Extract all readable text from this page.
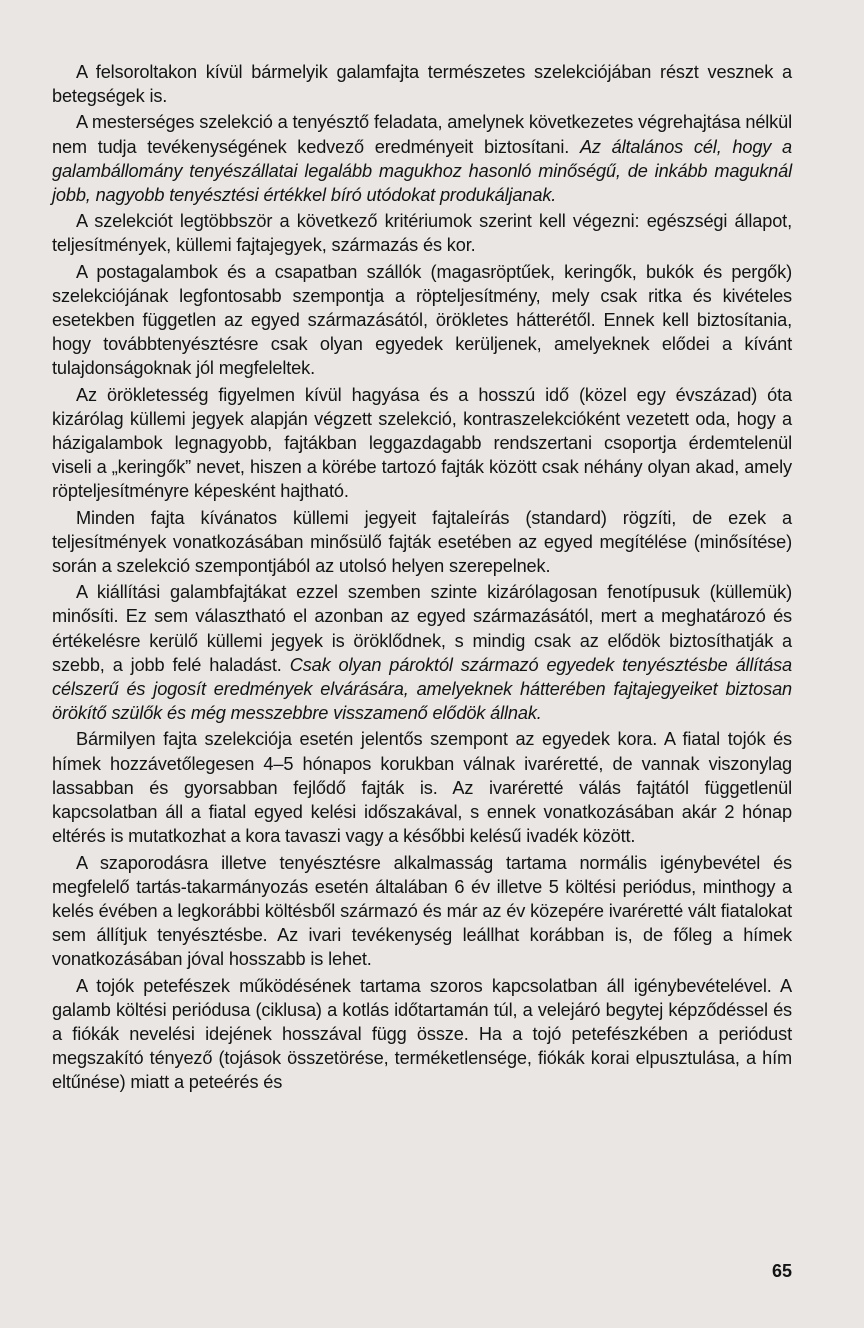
A felsoroltakon kívül bármelyik galamfajta természetes szelekciójában részt vesznek a betegségek is.

A mesterséges szelekció a tenyésztő feladata, amelynek következetes végrehajtása nélkül nem tudja tevékenységének kedvező eredményeit biztosítani. Az általános cél, hogy a galambállomány tenyészállatai legalább magukhoz hasonló minőségű, de inkább maguknál jobb, nagyobb tenyésztési értékkel bíró utódokat produkáljanak.

A szelekciót legtöbbször a következő kritériumok szerint kell végezni: egészségi állapot, teljesítmények, küllemi fajtajegyek, származás és kor.

A postagalambok és a csapatban szállók (magasröptűek, keringők, bukók és pergők) szelekciójának legfontosabb szempontja a röpteljesítmény, mely csak ritka és kivételes esetekben független az egyed származásától, örökletes hátterétől. Ennek kell biztosítania, hogy továbbtenyésztésre csak olyan egyedek kerüljenek, amelyeknek elődei a kívánt tulajdonságoknak jól megfeleltek.

Az örökletesség figyelmen kívül hagyása és a hosszú idő (közel egy évszázad) óta kizárólag küllemi jegyek alapján végzett szelekció, kontraszelekcióként vezetett oda, hogy a házigalambok legnagyobb, fajtákban leggazdagabb rendszertani csoportja érdemtelenül viseli a „keringők” nevet, hiszen a körébe tartozó fajták között csak néhány olyan akad, amely röpteljesítményre képesként hajtható.

Minden fajta kívánatos küllemi jegyeit fajtaleírás (standard) rögzíti, de ezek a teljesítmények vonatkozásában minősülő fajták esetében az egyed megítélése (minősítése) során a szelekció szempontjából az utolsó helyen szerepelnek.

A kiállítási galambfajtákat ezzel szemben szinte kizárólagosan fenotípusuk (küllemük) minősíti. Ez sem választható el azonban az egyed származásától, mert a meghatározó és értékelésre kerülő küllemi jegyek is öröklődnek, s mindig csak az elődök biztosíthatják a szebb, a jobb felé haladást. Csak olyan pároktól származó egyedek tenyésztésbe állítása célszerű és jogosít eredmények elvárására, amelyeknek hátterében fajtajegyeiket biztosan örökítő szülők és még messzebbre visszamenő elődök állnak.

Bármilyen fajta szelekciója esetén jelentős szempont az egyedek kora. A fiatal tojók és hímek hozzávetőlegesen 4–5 hónapos korukban válnak ivaréretté, de vannak viszonylag lassabban és gyorsabban fejlődő fajták is. Az ivaréretté válás fajtától függetlenül kapcsolatban áll a fiatal egyed kelési időszakával, s ennek vonatkozásában akár 2 hónap eltérés is mutatkozhat a kora tavaszi vagy a későbbi kelésű ivadék között.

A szaporodásra illetve tenyésztésre alkalmasság tartama normális igénybevétel és megfelelő tartás-takarmányozás esetén általában 6 év illetve 5 költési periódus, minthogy a kelés évében a legkorábbi költésből származó és már az év közepére ivaréretté vált fiatalokat sem állítjuk tenyésztésbe. Az ivari tevékenység leállhat korábban is, de főleg a hímek vonatkozásában jóval hosszabb is lehet.

A tojók petefészek működésének tartama szoros kapcsolatban áll igénybevételével. A galamb költési periódusa (ciklusa) a kotlás időtartamán túl, a velejáró begytej képződéssel és a fiókák nevelési idejének hosszával függ össze. Ha a tojó petefészkében a periódust megszakító tényező (tojások összetörése, terméketlensége, fiókák korai elpusztulása, a hím eltűnése) miatt a peteérés és

65
